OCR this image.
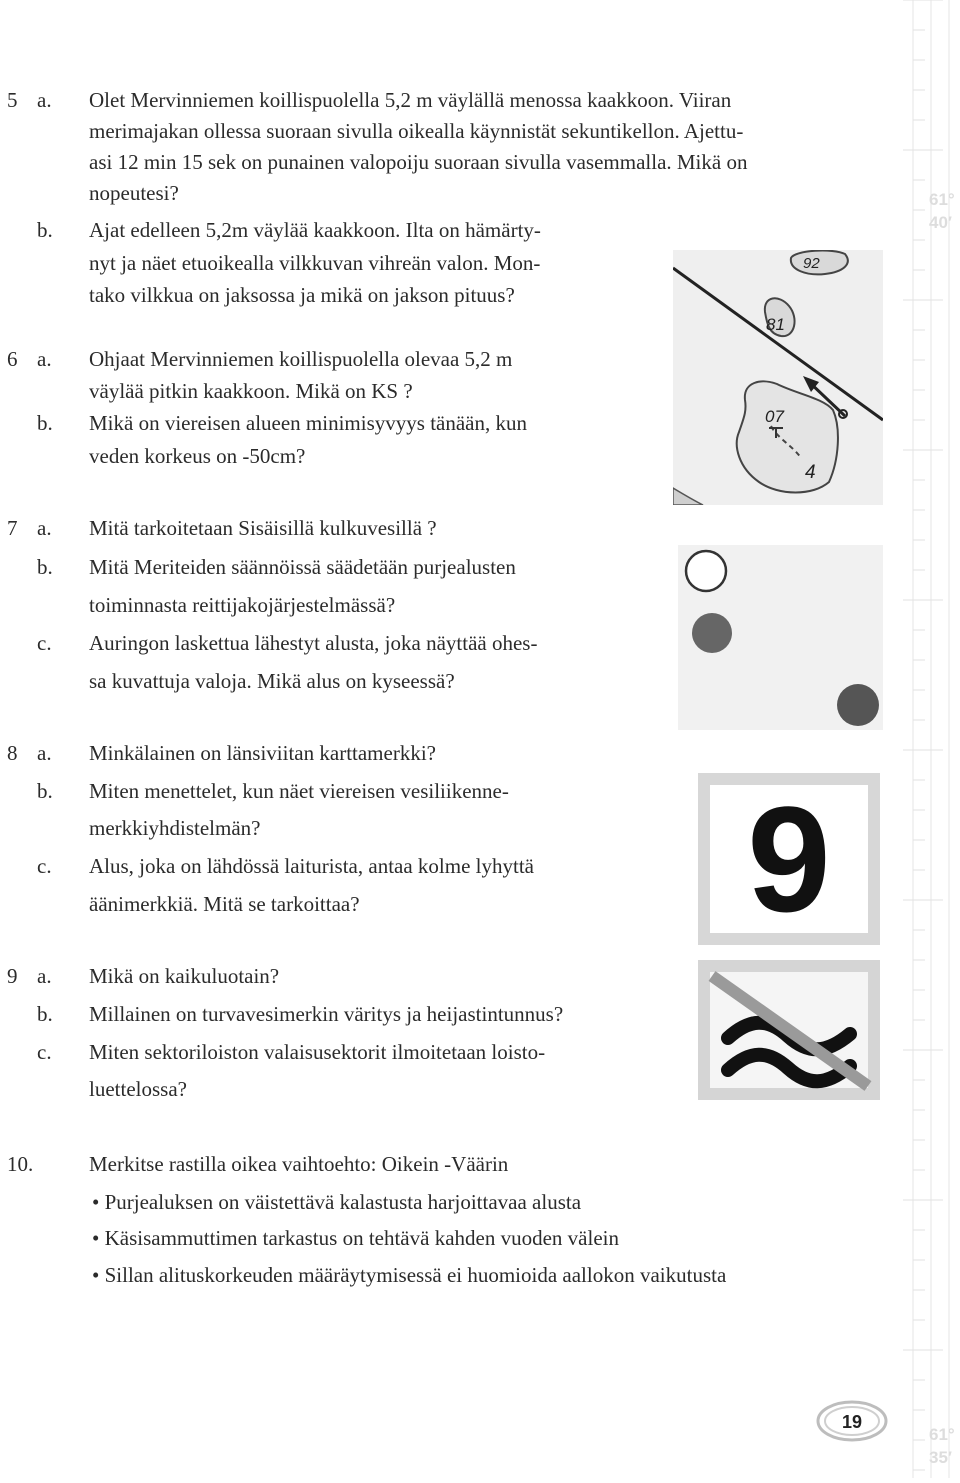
61°
40′
61°
35′
5 a. Olet Mervinniemen koillispuolella 5,2 m väylällä menossa kaakkoon. Viiran
merimajakan ollessa suoraan sivulla oikealla käynnistät sekuntikellon. Ajettu-
asi 12 min 15 sek on punainen valopoiju suoraan sivulla vasemmalla. Mikä on
nopeutesi?
b. Ajat edelleen 5,2m väylää kaakkoon. Ilta on hämärty-
nyt ja näet etuoikealla vilkkuvan vihreän valon. Mon-
tako vilkkua on jaksossa ja mikä on jakson pituus?
6 a. Ohjaat Mervinniemen koillispuolella olevaa 5,2 m
väylää pitkin kaakkoon. Mikä on KS ?
b. Mikä on viereisen alueen minimisyvyys tänään, kun
veden korkeus on -50cm?
7 a. Mitä tarkoitetaan Sisäisillä kulkuvesillä ?
b. Mitä Meriteiden säännöissä säädetään purjealusten
toiminnasta reittijakojärjestelmässä?
c. Auringon laskettua lähestyt alusta, joka näyttää ohes-
sa kuvattuja valoja. Mikä alus on kyseessä?
8 a. Minkälainen on länsiviitan karttamerkki?
b. Miten menettelet, kun näet viereisen vesiliikenne-
merkkiyhdistelmän?
c. Alus, joka on lähdössä laiturista, antaa kolme lyhyttä
äänimerkkiä. Mitä se tarkoittaa?
9 a. Mikä on kaikuluotain?
b. Millainen on turvavesimerkin väritys ja heijastintunnus?
c. Miten sektoriloiston valaisusektorit ilmoitetaan loisto-
luettelossa?
10.	Merkitse rastilla oikea vaihtoehto: Oikein -Väärin
• Purjealuksen on väistettävä kalastusta harjoittavaa alusta
• Käsisammuttimen tarkastus on tehtävä kahden vuoden välein
• Sillan alituskorkeuden määräytymisessä ei huomioida aallokon vaikutusta
92
81
07
4
9
19
